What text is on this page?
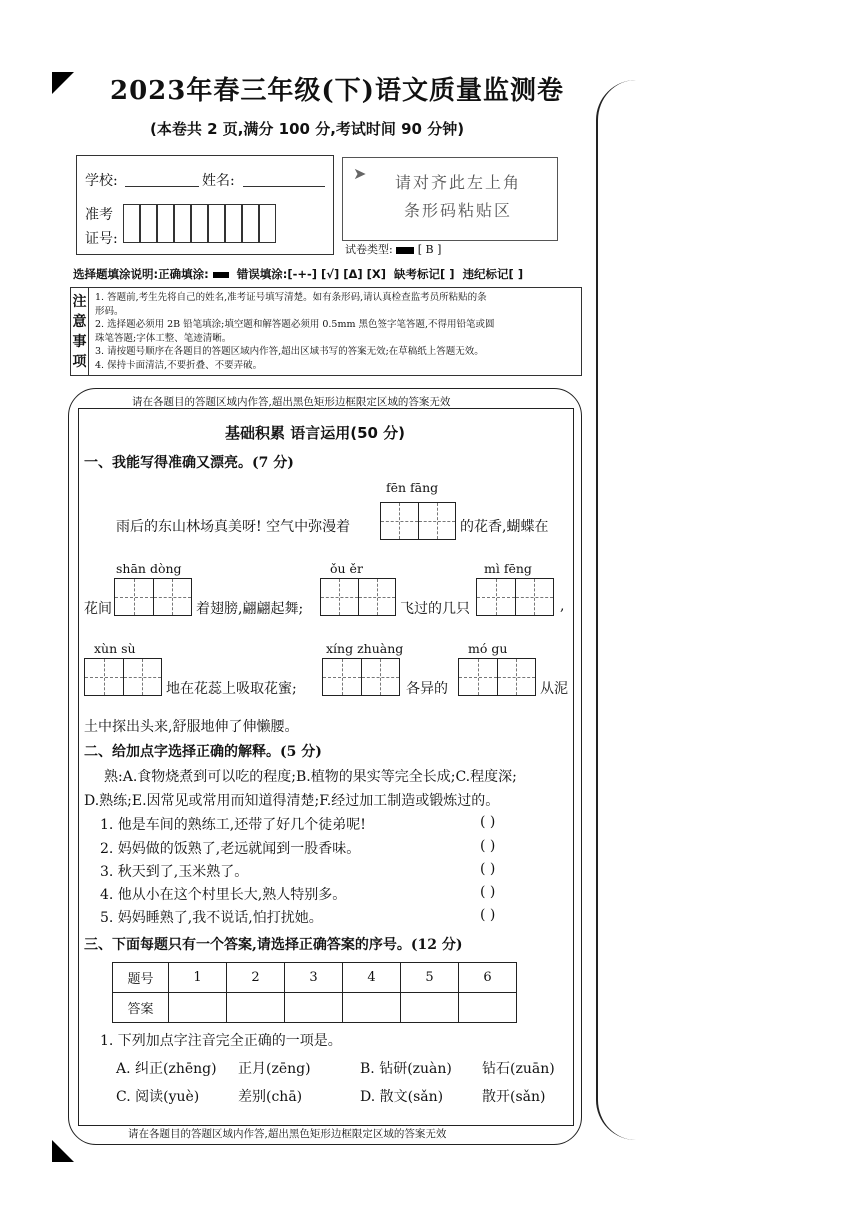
2023年春三年级(下)语文质量监测卷
(本卷共 2 页,满分 100 分,考试时间 90 分钟)
学校:	姓名:
准考
证号:
➤	请对齐此左上角
条形码粘贴区
试卷类型: [ B ]
选择题填涂说明:正确填涂: 错误填涂:[-+-] [√] [Δ] [X] 缺考标记[ ] 违纪标记[ ]
注
意
事
项
1. 答题前,考生先将自己的姓名,准考证号填写清楚。如有条形码,请认真检查监考员所粘贴的条
形码。
2. 选择题必须用 2B 铅笔填涂;填空题和解答题必须用 0.5mm 黑色签字笔答题,不得用铅笔或圆
珠笔答题;字体工整、笔迹清晰。
3. 请按题号顺序在各题目的答题区域内作答,超出区域书写的答案无效;在草稿纸上答题无效。
4. 保持卡面清洁,不要折叠、不要弄破。
请在各题目的答题区域内作答,超出黑色矩形边框限定区域的答案无效
请在各题目的答题区域内作答,超出黑色矩形边框限定区域的答案无效
基础积累 语言运用(50 分)
一、我能写得准确又漂亮。(7 分)
fēn fāng
雨后的东山林场真美呀! 空气中弥漫着	的花香,蝴蝶在
shān dòng	ǒu ěr	mì fēng
花间	着翅膀,翩翩起舞;	飞过的几只	,
xùn sù	xíng zhuàng	mó gu
地在花蕊上吸取花蜜;	各异的	从泥
土中探出头来,舒服地伸了伸懒腰。
二、给加点字选择正确的解释。(5 分)
熟:A.食物烧煮到可以吃的程度;B.植物的果实等完全长成;C.程度深;
D.熟练;E.因常见或常用而知道得清楚;F.经过加工制造或锻炼过的。
1. 他是车间的熟练工,还带了好几个徒弟呢!	( )
2. 妈妈做的饭熟了,老远就闻到一股香味。	( )
3. 秋天到了,玉米熟了。	( )
4. 他从小在这个村里长大,熟人特别多。	( )
5. 妈妈睡熟了,我不说话,怕打扰她。	( )
三、下面每题只有一个答案,请选择正确答案的序号。(12 分)
题号	1	2	3	4	5	6
答案						
1. 下列加点字注音完全正确的一项是。
A. 纠正(zhēng) 正月(zēng)	B. 钻研(zuàn) 钻石(zuān)
C. 阅读(yuè)	差别(chā)	D. 散文(sǎn)	散开(sǎn)
